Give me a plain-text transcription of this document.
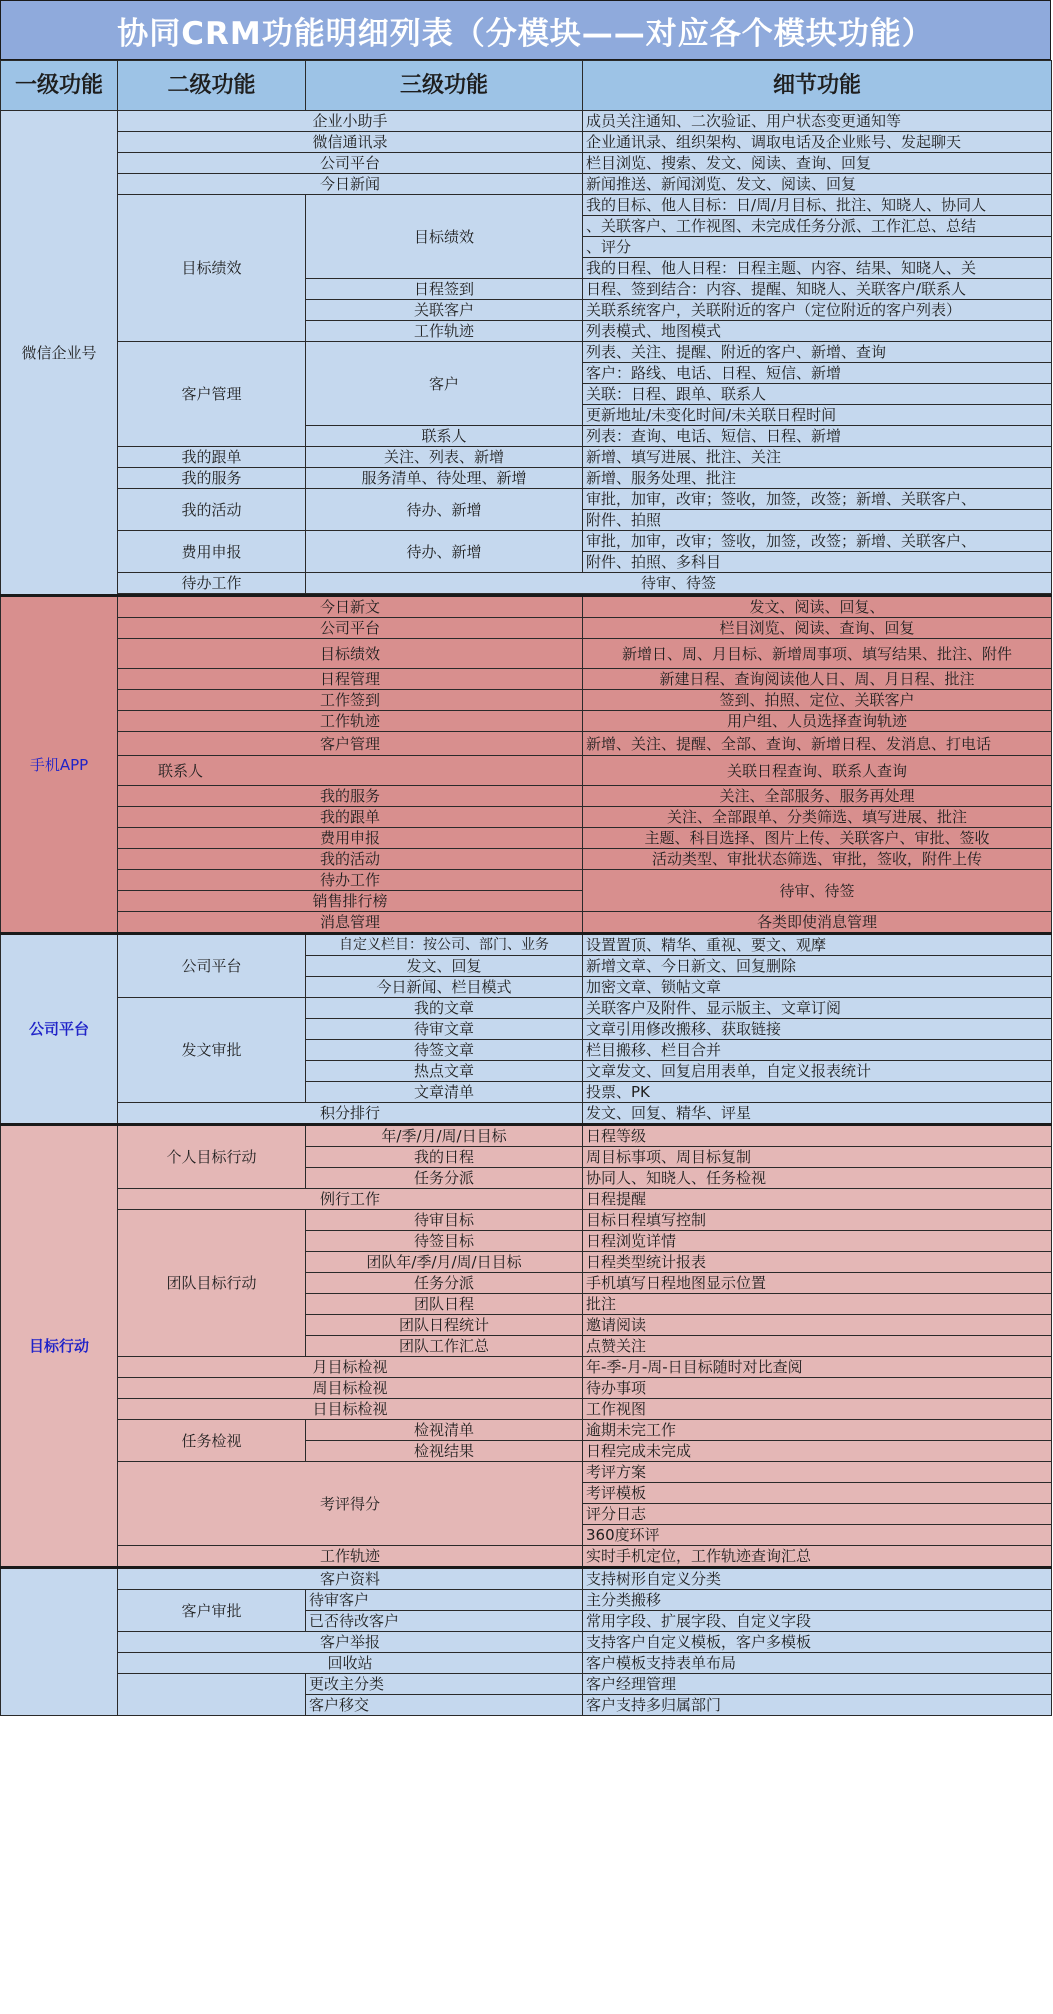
协同CRM功能明细列表（分模块——对应各个模块功能）
一级功能	二级功能	三级功能	细节功能
微信企业号	企业小助手		成员关注通知、二次验证、用户状态变更通知等
	微信通讯录		企业通讯录、组织架构、调取电话及企业账号、发起聊天
	公司平台		栏目浏览、搜索、发文、阅读、查询、回复
	今日新闻		新闻推送、新闻浏览、发文、阅读、回复
	目标绩效	目标绩效	我的目标、他人目标：日/周/月目标、批注、知晓人、协同人
			、关联客户、工作视图、未完成任务分派、工作汇总、总结
			、评分
			我的日程、他人日程：日程主题、内容、结果、知晓人、关
		日程签到	日程、签到结合：内容、提醒、知晓人、关联客户/联系人
		关联客户	关联系统客户，关联附近的客户（定位附近的客户列表）
		工作轨迹	列表模式、地图模式
	客户管理	客户	列表、关注、提醒、附近的客户、新增、查询
			客户：路线、电话、日程、短信、新增
			关联：日程、跟单、联系人
			更新地址/未变化时间/未关联日程时间
		联系人	列表：查询、电话、短信、日程、新增
	我的跟单	关注、列表、新增	新增、填写进展、批注、关注
	我的服务	服务清单、待处理、新增	新增、服务处理、批注
	我的活动	待办、新增	审批，加审，改审；签收，加签，改签；新增、关联客户、
			附件、拍照
	费用申报	待办、新增	审批，加审，改审；签收，加签，改签；新增、关联客户、
			附件、拍照、多科目
	待办工作	待审、待签	

手机APP	今日新文		发文、阅读、回复、
	公司平台		栏目浏览、阅读、查询、回复
	目标绩效		新增日、周、月目标、新增周事项、填写结果、批注、附件
	日程管理		新建日程、查询阅读他人日、周、月日程、批注
	工作签到		签到、拍照、定位、关联客户
	工作轨迹		用户组、人员选择查询轨迹
	客户管理		新增、关注、提醒、全部、查询、新增日程、发消息、打电话
	联系人		关联日程查询、联系人查询
	我的服务		关注、全部服务、服务再处理
	我的跟单		关注、全部跟单、分类筛选、填写进展、批注
	费用申报		主题、科目选择、图片上传、关联客户、审批、签收
	我的活动		活动类型、审批状态筛选、审批，签收，附件上传
	待办工作		待审、待签
	销售排行榜		
	消息管理		各类即使消息管理
公司平台	公司平台	自定义栏目：按公司、部门、业务	设置置顶、精华、重视、要文、观摩
		发文、回复	新增文章、今日新文、回复删除
		今日新闻、栏目模式	加密文章、锁帖文章
	发文审批	我的文章	关联客户及附件、显示版主、文章订阅
		待审文章	文章引用修改搬移、获取链接
		待签文章	栏目搬移、栏目合并
		热点文章	文章发文、回复启用表单，自定义报表统计
		文章清单	投票、PK
	积分排行		发文、回复、精华、评星
目标行动	个人目标行动	年/季/月/周/日目标	日程等级
		我的日程	周目标事项、周目标复制
		任务分派	协同人、知晓人、任务检视
	例行工作		日程提醒
	团队目标行动	待审目标	目标日程填写控制
		待签目标	日程浏览详情
		团队年/季/月/周/日目标	日程类型统计报表
		任务分派	手机填写日程地图显示位置
		团队日程	批注
		团队日程统计	邀请阅读
		团队工作汇总	点赞关注
	月目标检视		年-季-月-周-日目标随时对比查阅
	周目标检视		待办事项
	日目标检视		工作视图
	任务检视	检视清单	逾期未完工作
		检视结果	日程完成未完成
	考评得分		考评方案
			考评模板
			评分日志
			360度环评
	工作轨迹		实时手机定位，工作轨迹查询汇总
	客户资料		支持树形自定义分类
	客户审批	待审客户	主分类搬移
		已否待改客户	常用字段、扩展字段、自定义字段
	客户举报		支持客户自定义模板，客户多模板
	回收站		客户模板支持表单布局
		更改主分类	客户经理管理
		客户移交	客户支持多归属部门
